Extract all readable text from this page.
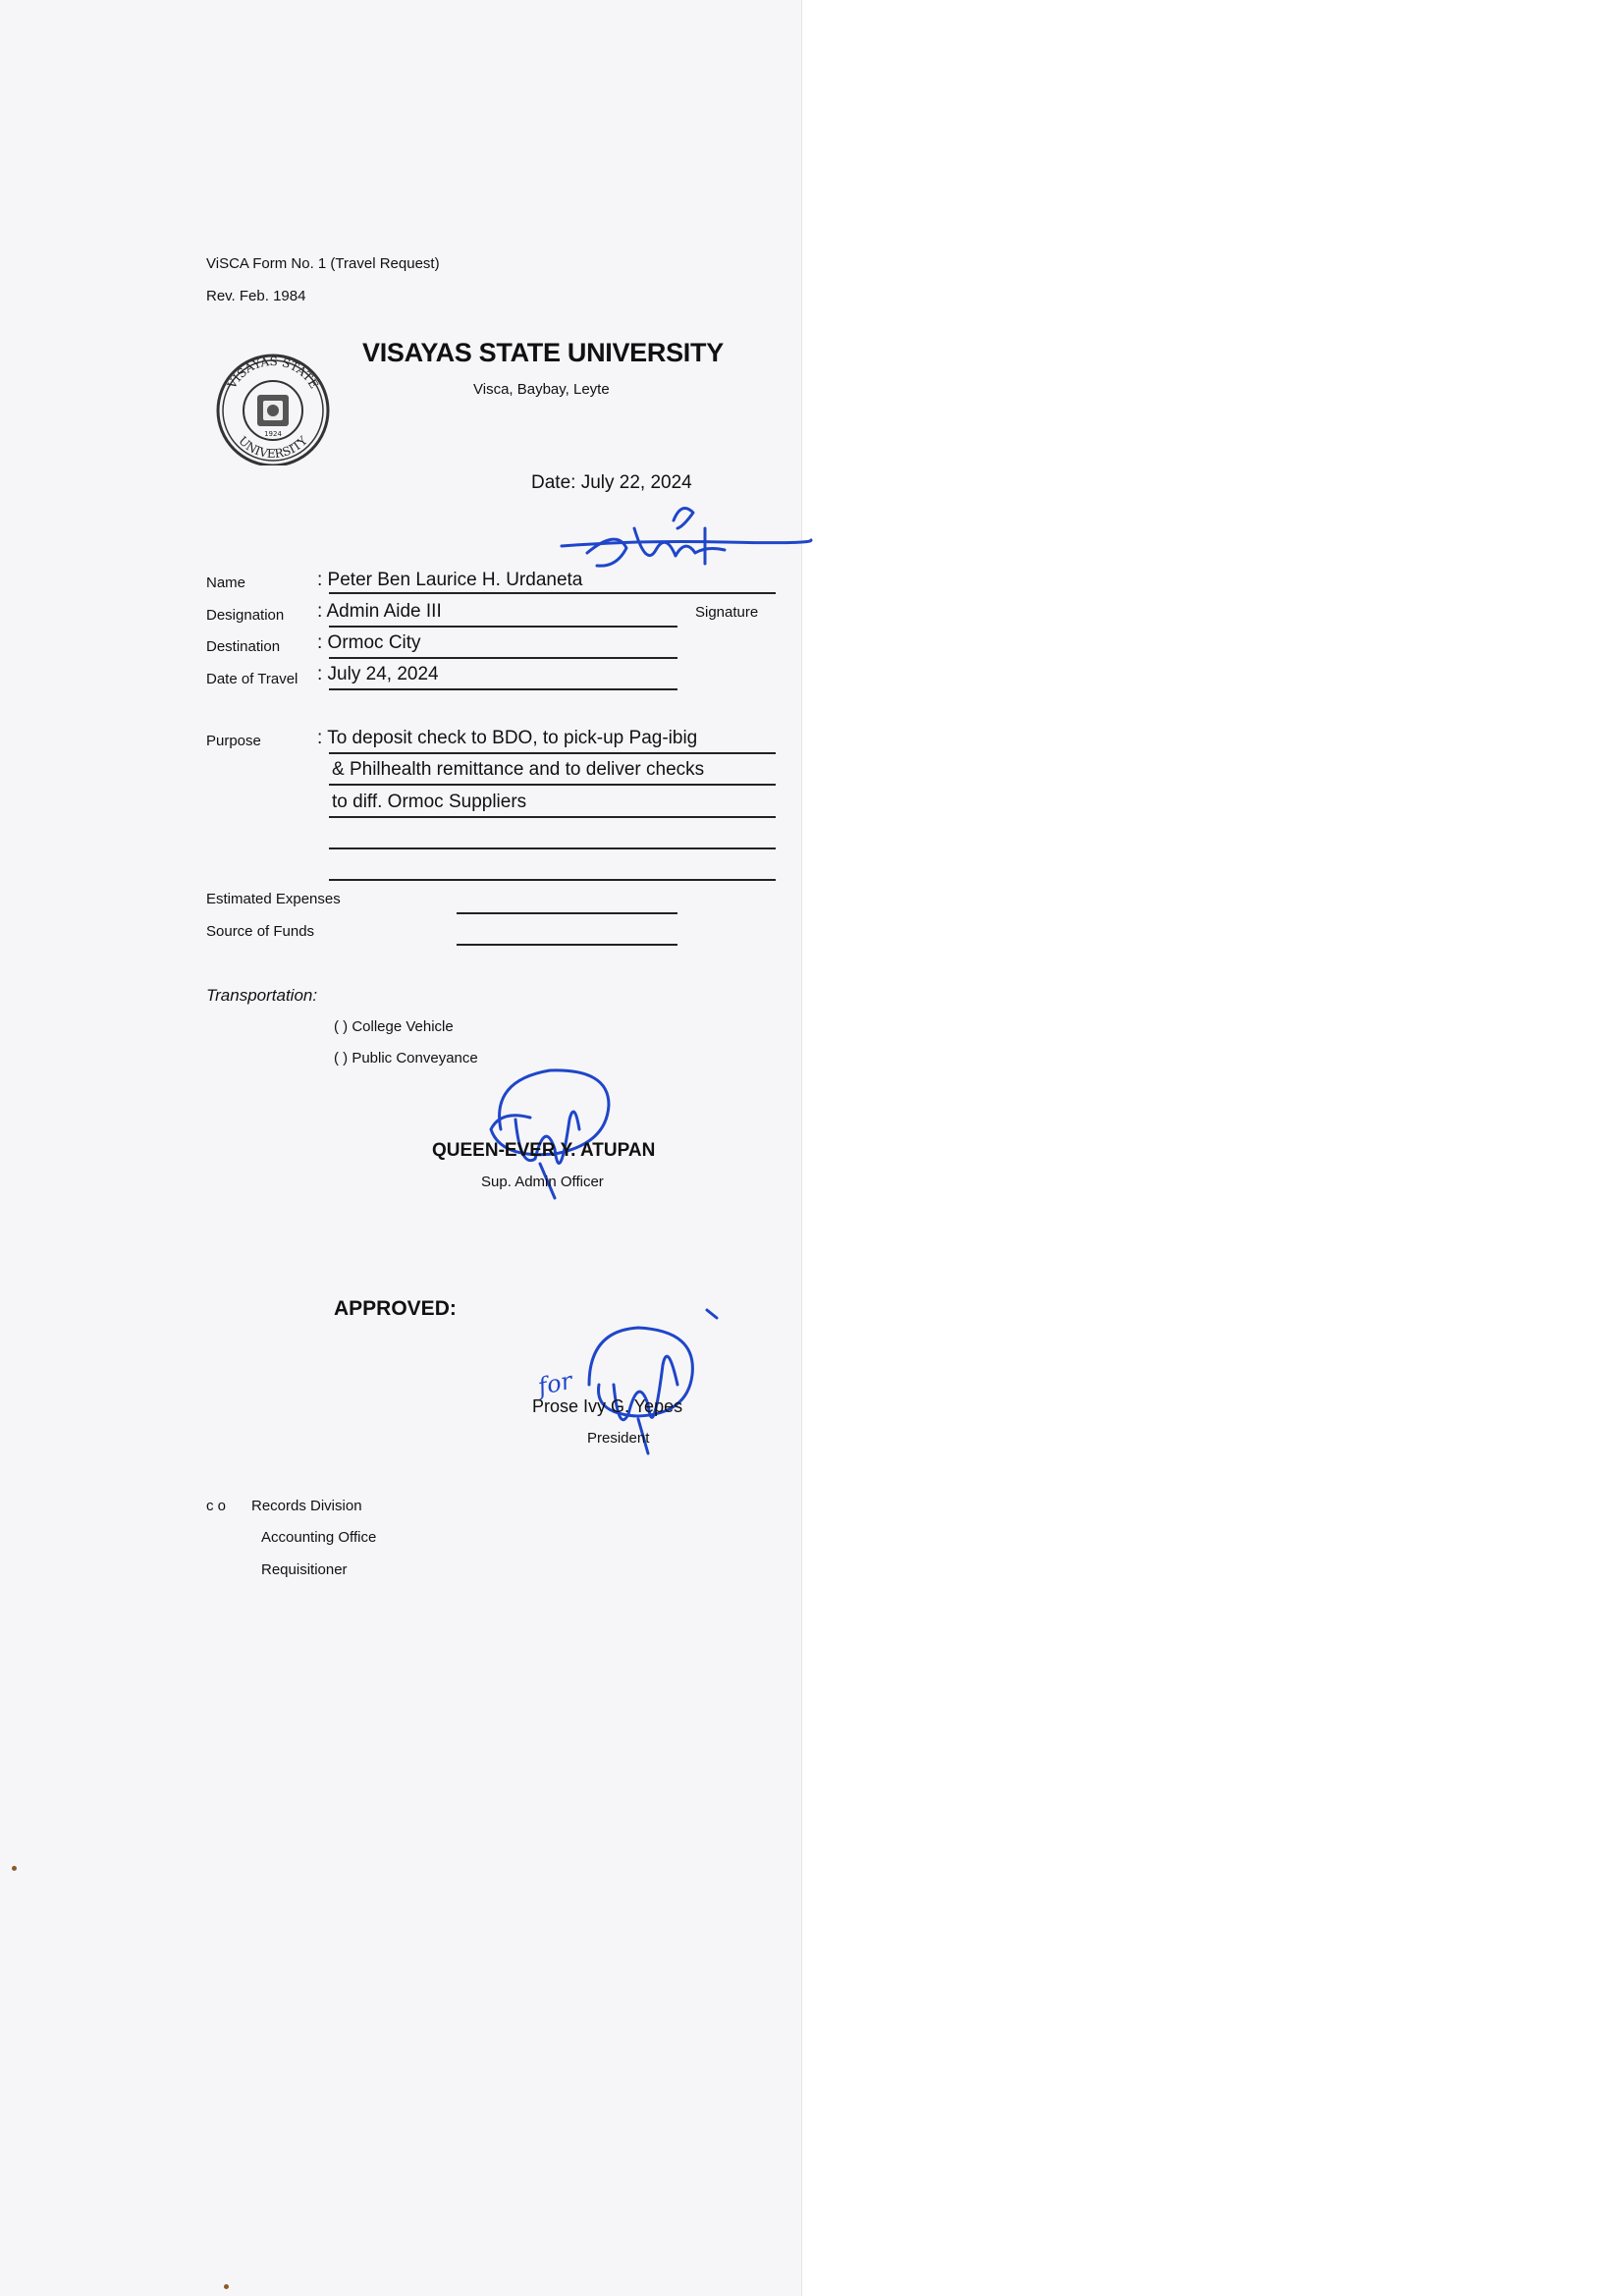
ViSCA Form No. 1 (Travel Request)
Rev. Feb. 1984
VISAYAS STATE
UNIVERSITY
1924
VISAYAS STATE UNIVERSITY
Visca, Baybay, Leyte
Date: July 22, 2024
Name	: Peter Ben Laurice H. Urdaneta
Designation : Admin Aide III	Signature
Destination : Ormoc City
Date of Travel : July 24, 2024
Purpose	: To deposit check to BDO, to pick-up Pag-ibig
& Philhealth remittance and to deliver checks
to diff. Ormoc Suppliers
Estimated Expenses
Source of Funds
Transportation:
( ) College Vehicle
( ) Public Conveyance
QUEEN-EVER Y. ATUPAN
Sup. Admin Officer
APPROVED:
for
Prose Ivy G. Yepes
President
c o Records Division
Accounting Office
Requisitioner
